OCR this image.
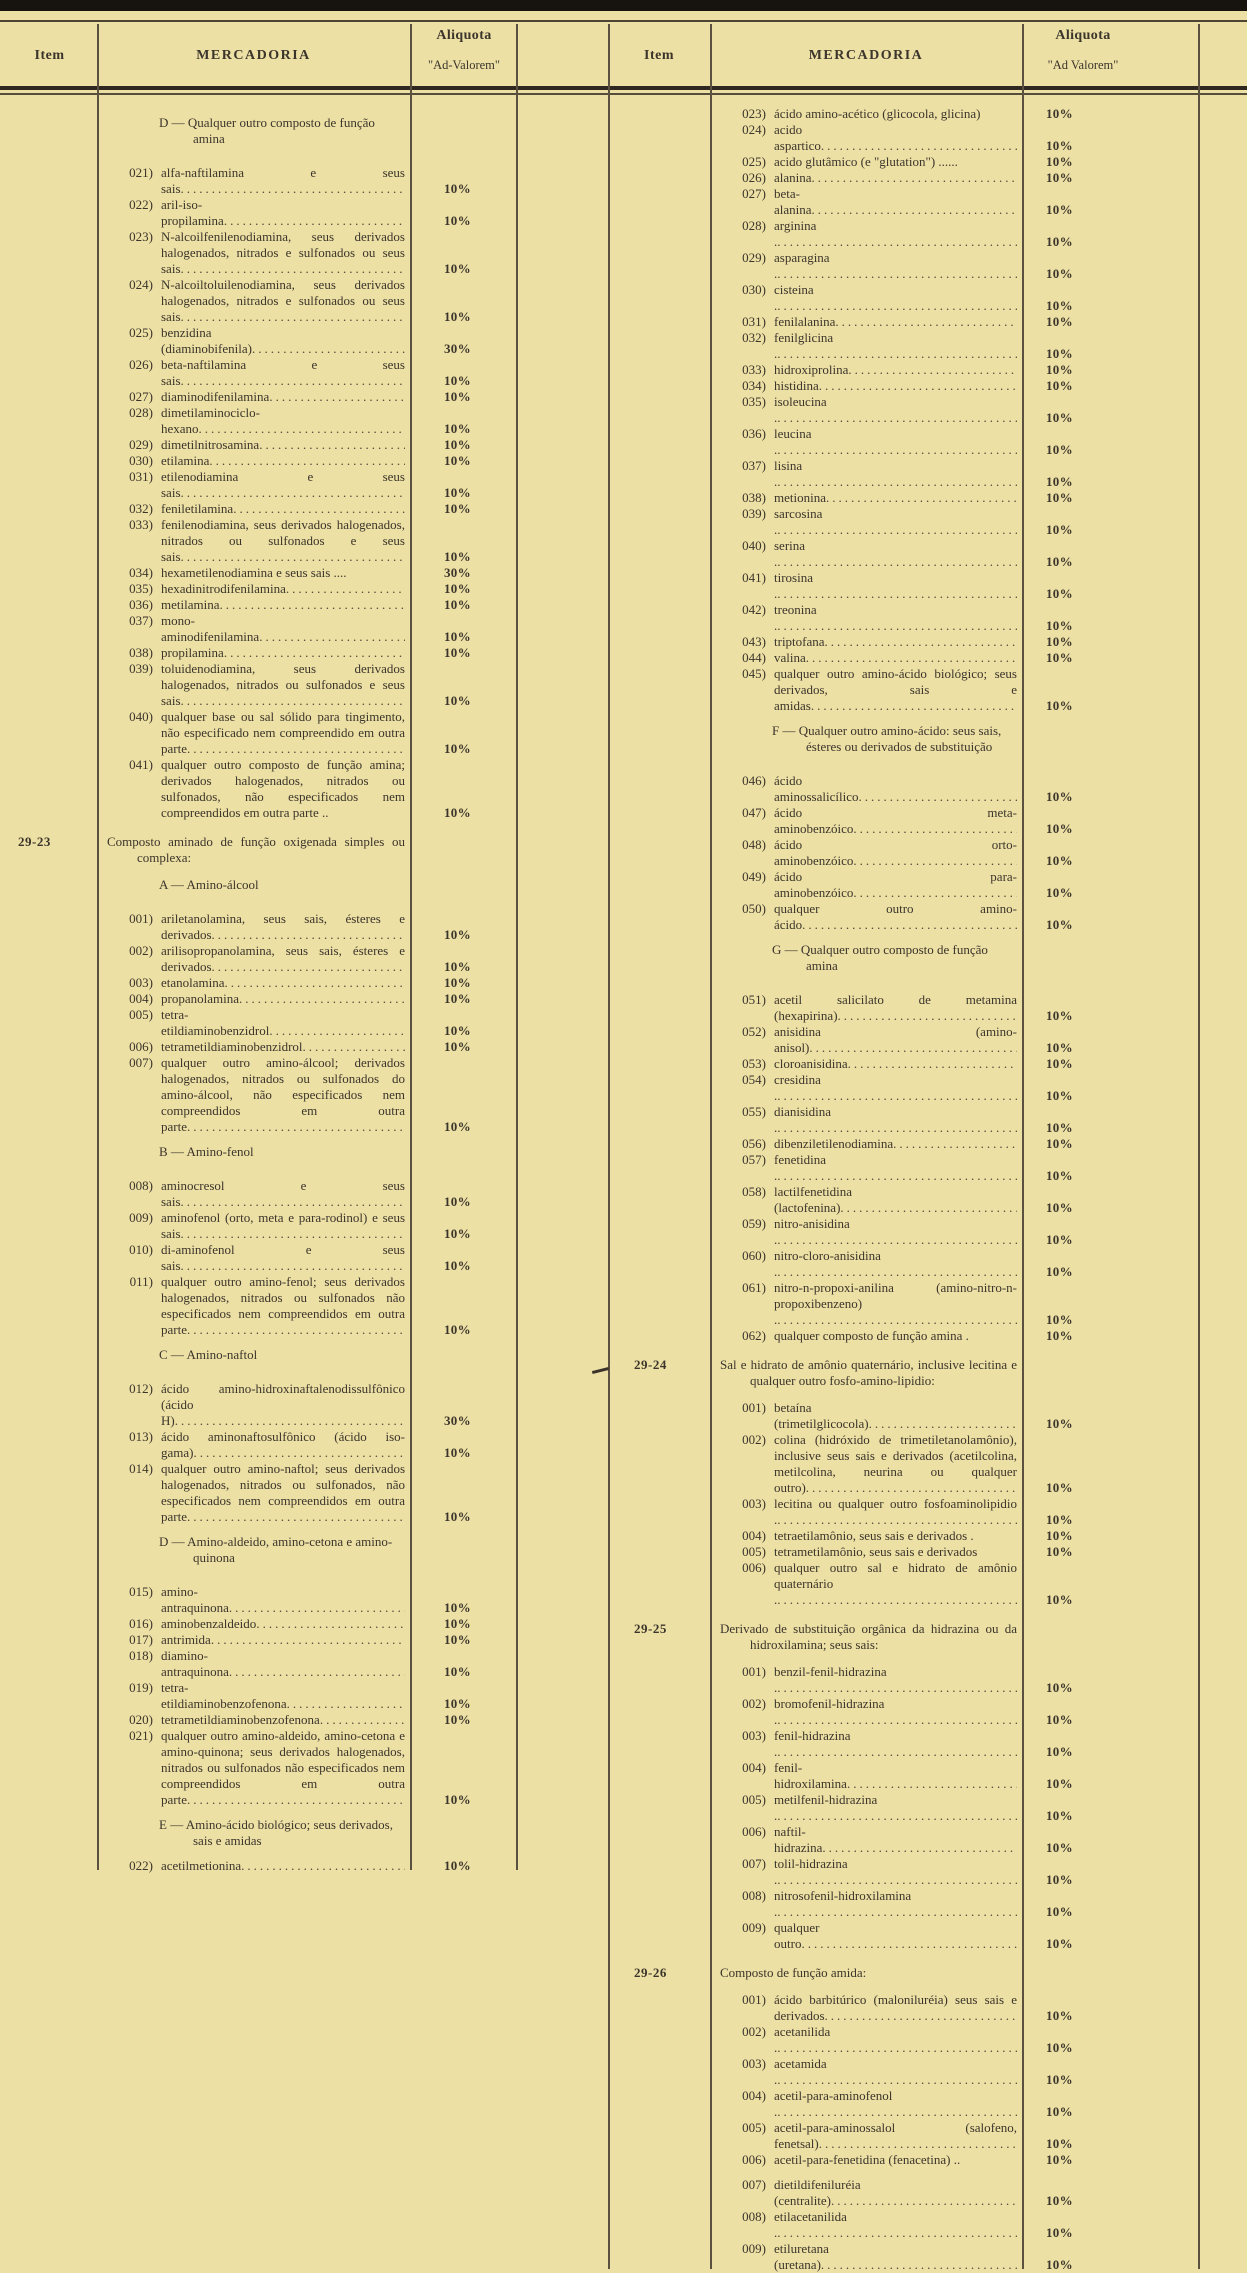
Item	MERCADORIA
Aliquota
"Ad-Valorem"
D — Qualquer outro composto de função amina
021) alfa-naftilamina e seus sais .....	10%
022) aril-iso-propilamina .....	10%
023) N-alcoilfenilenodiamina, seus derivados halogenados, nitrados e sulfonados ou seus sais .....	10%
024) N-alcoiltoluilenodiamina, seus derivados halogenados, nitrados e sulfonados ou seus sais .....	10%
025) benzidina (diaminobifenila) .....	30%
026) beta-naftilamina e seus sais .....	10%
027) diaminodifenilamina .....	10%
028) dimetilaminociclo-hexano .....	10%
029) dimetilnitrosamina .....	10%
030) etilamina .....	10%
031) etilenodiamina e seus sais .....	10%
032) feniletilamina .....	10%
033) fenilenodiamina, seus derivados halogenados, nitrados ou sulfonados e seus sais .....	10%
034) hexametilenodiamina e seus sais ....	30%
035) hexadinitrodifenilamina .....	10%
036) metilamina .....	10%
037) mono-aminodifenilamina .....	10%
038) propilamina .....	10%
039) toluidenodiamina, seus derivados halogenados, nitrados ou sulfonados e seus sais .....	10%
040) qualquer base ou sal sólido para tingimento, não especificado nem compreendido em outra parte .....	10%
041) qualquer outro composto de função amina; derivados halogenados, nitrados ou sulfonados, não especificados nem compreendidos em outra parte ..	10%
29-23	Composto aminado de função oxigenada simples ou complexa:
A — Amino-álcool
001) ariletanolamina, seus sais, ésteres e derivados .....	10%
002) arilisopropanolamina, seus sais, ésteres e derivados .....	10%
003) etanolamina .....	10%
004) propanolamina .....	10%
005) tetra-etildiaminobenzidrol .....	10%
006) tetrametildiaminobenzidrol .....	10%
007) qualquer outro amino-álcool; derivados halogenados, nitrados ou sulfonados do amino-álcool, não especificados nem compreendidos em outra parte .....	10%
B — Amino-fenol
008) aminocresol e seus sais .....	10%
009) aminofenol (orto, meta e para-rodinol) e seus sais .....	10%
010) di-aminofenol e seus sais .....	10%
011) qualquer outro amino-fenol; seus derivados halogenados, nitrados ou sulfonados não especificados nem compreendidos em outra parte .....	10%
C — Amino-naftol
012) ácido amino-hidroxinaftalenodissulfônico (ácido H) .....	30%
013) ácido aminonaftosulfônico (ácido iso-gama) .....	10%
014) qualquer outro amino-naftol; seus derivados halogenados, nitrados ou sulfonados, não especificados nem compreendidos em outra parte .....	10%
D — Amino-aldeido, amino-cetona e amino-quinona
015) amino-antraquinona .....	10%
016) aminobenzaldeido .....	10%
017) antrimida .....	10%
018) diamino-antraquinona .....	10%
019) tetra-etildiaminobenzofenona .....	10%
020) tetrametildiaminobenzofenona .....	10%
021) qualquer outro amino-aldeido, amino-cetona e amino-quinona; seus derivados halogenados, nitrados ou sulfonados não especificados nem compreendidos em outra parte .....	10%
E — Amino-ácido biológico; seus derivados, sais e amidas
022) acetilmetionina .....	10%
Item	MERCADORIA
Aliquota
"Ad Valorem"
023) ácido amino-acético (glicocola, glicina)	10%
024) acido aspartico .....	10%
025) acido glutâmico (e "glutation") ......	10%
026) alanina .....	10%
027) beta-alanina .....	10%
028) arginina . .....	10%
029) asparagina . .....	10%
030) cisteina . .....	10%
031) fenilalanina .....	10%
032) fenilglicina . .....	10%
033) hidroxiprolina .....	10%
034) histidina .....	10%
035) isoleucina . .....	10%
036) leucina . .....	10%
037) lisina . .....	10%
038) metionina .....	10%
039) sarcosina . .....	10%
040) serina . .....	10%
041) tirosina . .....	10%
042) treonina . .....	10%
043) triptofana .....	10%
044) valina .....	10%
045) qualquer outro amino-ácido biológico; seus derivados, sais e amidas .....	10%
F — Qualquer outro amino-ácido: seus sais, ésteres ou derivados de substituição
046) ácido aminossalicílico .....	10%
047) ácido meta-aminobenzóico .....	10%
048) ácido orto-aminobenzóico .....	10%
049) ácido para-aminobenzóico .....	10%
050) qualquer outro amino-ácido .....	10%
G — Qualquer outro composto de função amina
051) acetil salicilato de metamina (hexapirina) .....	10%
052) anisidina (amino-anisol) .....	10%
053) cloroanisidina .....	10%
054) cresidina . .....	10%
055) dianisidina . .....	10%
056) dibenziletilenodiamina .....	10%
057) fenetidina . .....	10%
058) lactilfenetidina (lactofenina) .....	10%
059) nitro-anisidina . .....	10%
060) nitro-cloro-anisidina . .....	10%
061) nitro-n-propoxi-anilina (amino-nitro-n-propoxibenzeno) . .....	10%
062) qualquer composto de função amina .	10%
29-24	Sal e hidrato de amônio quaternário, inclusive lecitina e qualquer outro fosfo-amino-lipidio:
001) betaína (trimetilglicocola) .....	10%
002) colina (hidróxido de trimetiletanolamônio), inclusive seus sais e derivados (acetilcolina, metilcolina, neurina ou qualquer outro) .....	10%
003) lecitina ou qualquer outro fosfoaminolipidio . .....	10%
004) tetraetilamônio, seus sais e derivados .	10%
005) tetrametilamônio, seus sais e derivados	10%
006) qualquer outro sal e hidrato de amônio quaternário . .....	10%
29-25	Derivado de substituição orgânica da hidrazina ou da hidroxilamina; seus sais:
001) benzil-fenil-hidrazina . .....	10%
002) bromofenil-hidrazina . .....	10%
003) fenil-hidrazina . .....	10%
004) fenil-hidroxilamina .....	10%
005) metilfenil-hidrazina . .....	10%
006) naftil-hidrazina .....	10%
007) tolil-hidrazina . .....	10%
008) nitrosofenil-hidroxilamina . .....	10%
009) qualquer outro .....	10%
29-26	Composto de função amida:
001) ácido barbitúrico (maloniluréia) seus sais e derivados .....	10%
002) acetanilida . .....	10%
003) acetamida . .....	10%
004) acetil-para-aminofenol . .....	10%
005) acetil-para-aminossalol (salofeno, fenetsal) .....	10%
006) acetil-para-fenetidina (fenacetina) ..	10%
007) dietildifeniluréia (centralite) .....	10%
008) etilacetanilida . .....	10%
009) etiluretana (uretana) .....	10%
